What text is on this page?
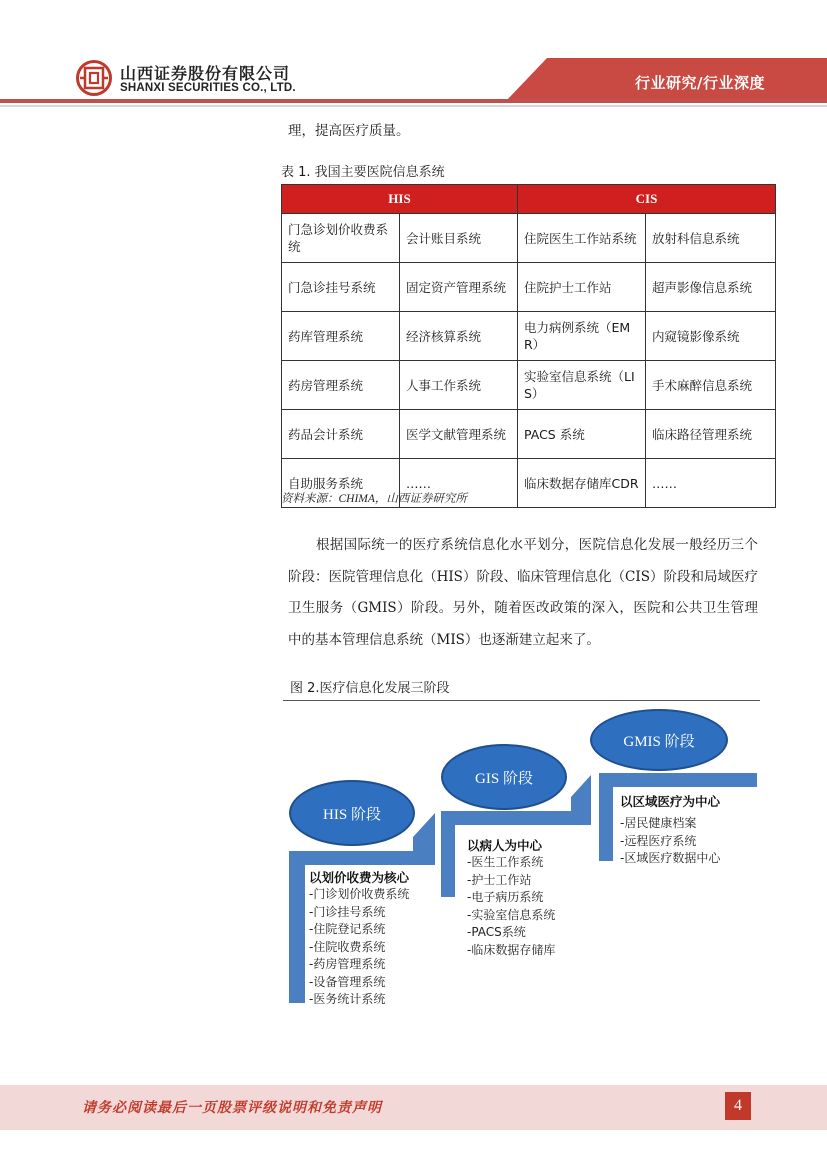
行业研究/行业深度
山西证券股份有限公司
SHANXI SECURITIES CO., LTD.
理，提高医疗质量。
表 1. 我国主要医院信息系统
HIS		CIS	
门急诊划价收费系统	会计账目系统	住院医生工作站系统	放射科信息系统
门急诊挂号系统	固定资产管理系统	住院护士工作站	超声影像信息系统
药库管理系统	经济核算系统	电力病例系统（EMR）	内窥镜影像系统
药房管理系统	人事工作系统	实验室信息系统（LIS）	手术麻醉信息系统
药品会计系统	医学文献管理系统	PACS 系统	临床路径管理系统
自助服务系统	……	临床数据存储库CDR	……
资料来源：CHIMA，山西证券研究所
根据国际统一的医疗系统信息化水平划分，医院信息化发展一般经历三个阶段：医院管理信息化（HIS）阶段、临床管理信息化（CIS）阶段和局域医疗卫生服务（GMIS）阶段。另外，随着医改政策的深入，医院和公共卫生管理中的基本管理信息系统（MIS）也逐渐建立起来了。
图 2.医疗信息化发展三阶段
HIS 阶段
GIS 阶段
GMIS 阶段
以划价收费为核心
-门诊划价收费系统
-门诊挂号系统
-住院登记系统
-住院收费系统
-药房管理系统
-设备管理系统
-医务统计系统
以病人为中心
-医生工作系统
-护士工作站
-电子病历系统
-实验室信息系统
-PACS系统
-临床数据存储库
以区域医疗为中心
-居民健康档案
-远程医疗系统
-区域医疗数据中心
请务必阅读最后一页股票评级说明和免责声明	4
